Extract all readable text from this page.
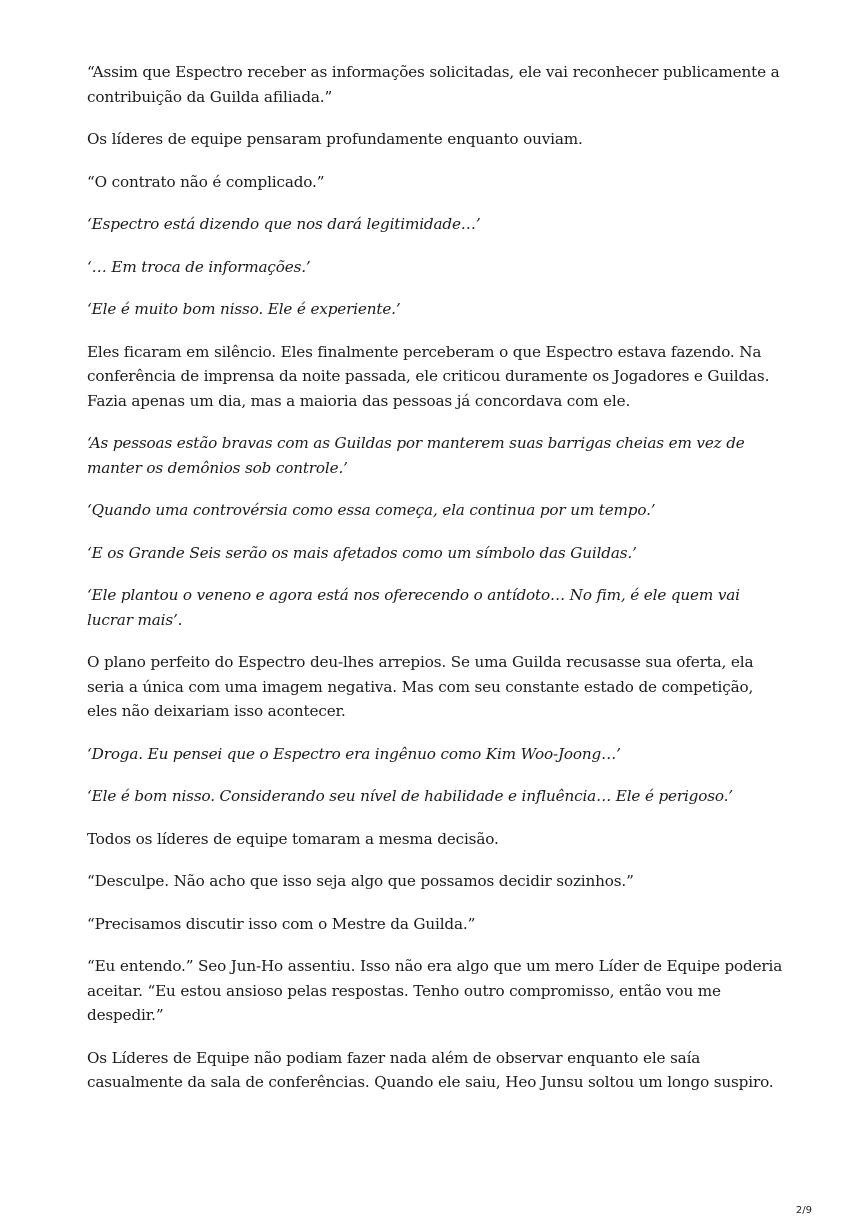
“Assim que Espectro receber as informações solicitadas, ele vai reconhecer publicamente a contribuição da Guilda afiliada.”

Os líderes de equipe pensaram profundamente enquanto ouviam.

“O contrato não é complicado.”

‘Espectro está dizendo que nos dará legitimidade…’

‘… Em troca de informações.’

‘Ele é muito bom nisso. Ele é experiente.’

Eles ficaram em silêncio. Eles finalmente perceberam o que Espectro estava fazendo. Na conferência de imprensa da noite passada, ele criticou duramente os Jogadores e Guildas. Fazia apenas um dia, mas a maioria das pessoas já concordava com ele.

‘As pessoas estão bravas com as Guildas por manterem suas barrigas cheias em vez de manter os demônios sob controle.’

‘Quando uma controvérsia como essa começa, ela continua por um tempo.’

‘E os Grande Seis serão os mais afetados como um símbolo das Guildas.’

‘Ele plantou o veneno e agora está nos oferecendo o antídoto… No fim, é ele quem vai lucrar mais’.

O plano perfeito do Espectro deu-lhes arrepios. Se uma Guilda recusasse sua oferta, ela seria a única com uma imagem negativa. Mas com seu constante estado de competição, eles não deixariam isso acontecer.

‘Droga. Eu pensei que o Espectro era ingênuo como Kim Woo-Joong…’

‘Ele é bom nisso. Considerando seu nível de habilidade e influência… Ele é perigoso.’

Todos os líderes de equipe tomaram a mesma decisão.

“Desculpe. Não acho que isso seja algo que possamos decidir sozinhos.”

“Precisamos discutir isso com o Mestre da Guilda.”

“Eu entendo.” Seo Jun-Ho assentiu. Isso não era algo que um mero Líder de Equipe poderia aceitar. “Eu estou ansioso pelas respostas. Tenho outro compromisso, então vou me despedir.”

Os Líderes de Equipe não podiam fazer nada além de observar enquanto ele saía casualmente da sala de conferências. Quando ele saiu, Heo Junsu soltou um longo suspiro.

2/9
